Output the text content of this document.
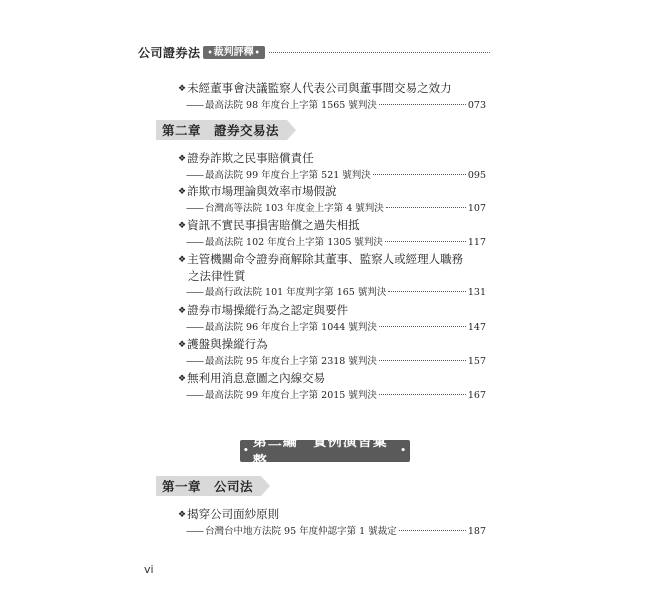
公司證券法 • 裁判評釋 •
❖未經董事會決議監察人代表公司與董事間交易之效力
—— 最高法院 98 年度台上字第 1565 號判決	073
第二章　證券交易法
❖證券詐欺之民事賠償責任
—— 最高法院 99 年度台上字第 521 號判決	095
❖詐欺市場理論與效率市場假說
—— 台灣高等法院 103 年度金上字第 4 號判決	107
❖資訊不實民事損害賠償之過失相抵
—— 最高法院 102 年度台上字第 1305 號判決	117
❖主管機關命令證券商解除其董事、監察人或經理人職務
之法律性質
—— 最高行政法院 101 年度判字第 165 號判決	131
❖證券市場操縱行為之認定與要件
—— 最高法院 96 年度台上字第 1044 號判決	147
❖護盤與操縱行為
—— 最高法院 95 年度台上字第 2318 號判決	157
❖無利用消息意圖之內線交易
—— 最高法院 99 年度台上字第 2015 號判決	167
•
第二編　實例演習彙整
•
第一章　公司法
❖揭穿公司面紗原則
—— 台灣台中地方法院 95 年度仲認字第 1 號裁定	187
vi
